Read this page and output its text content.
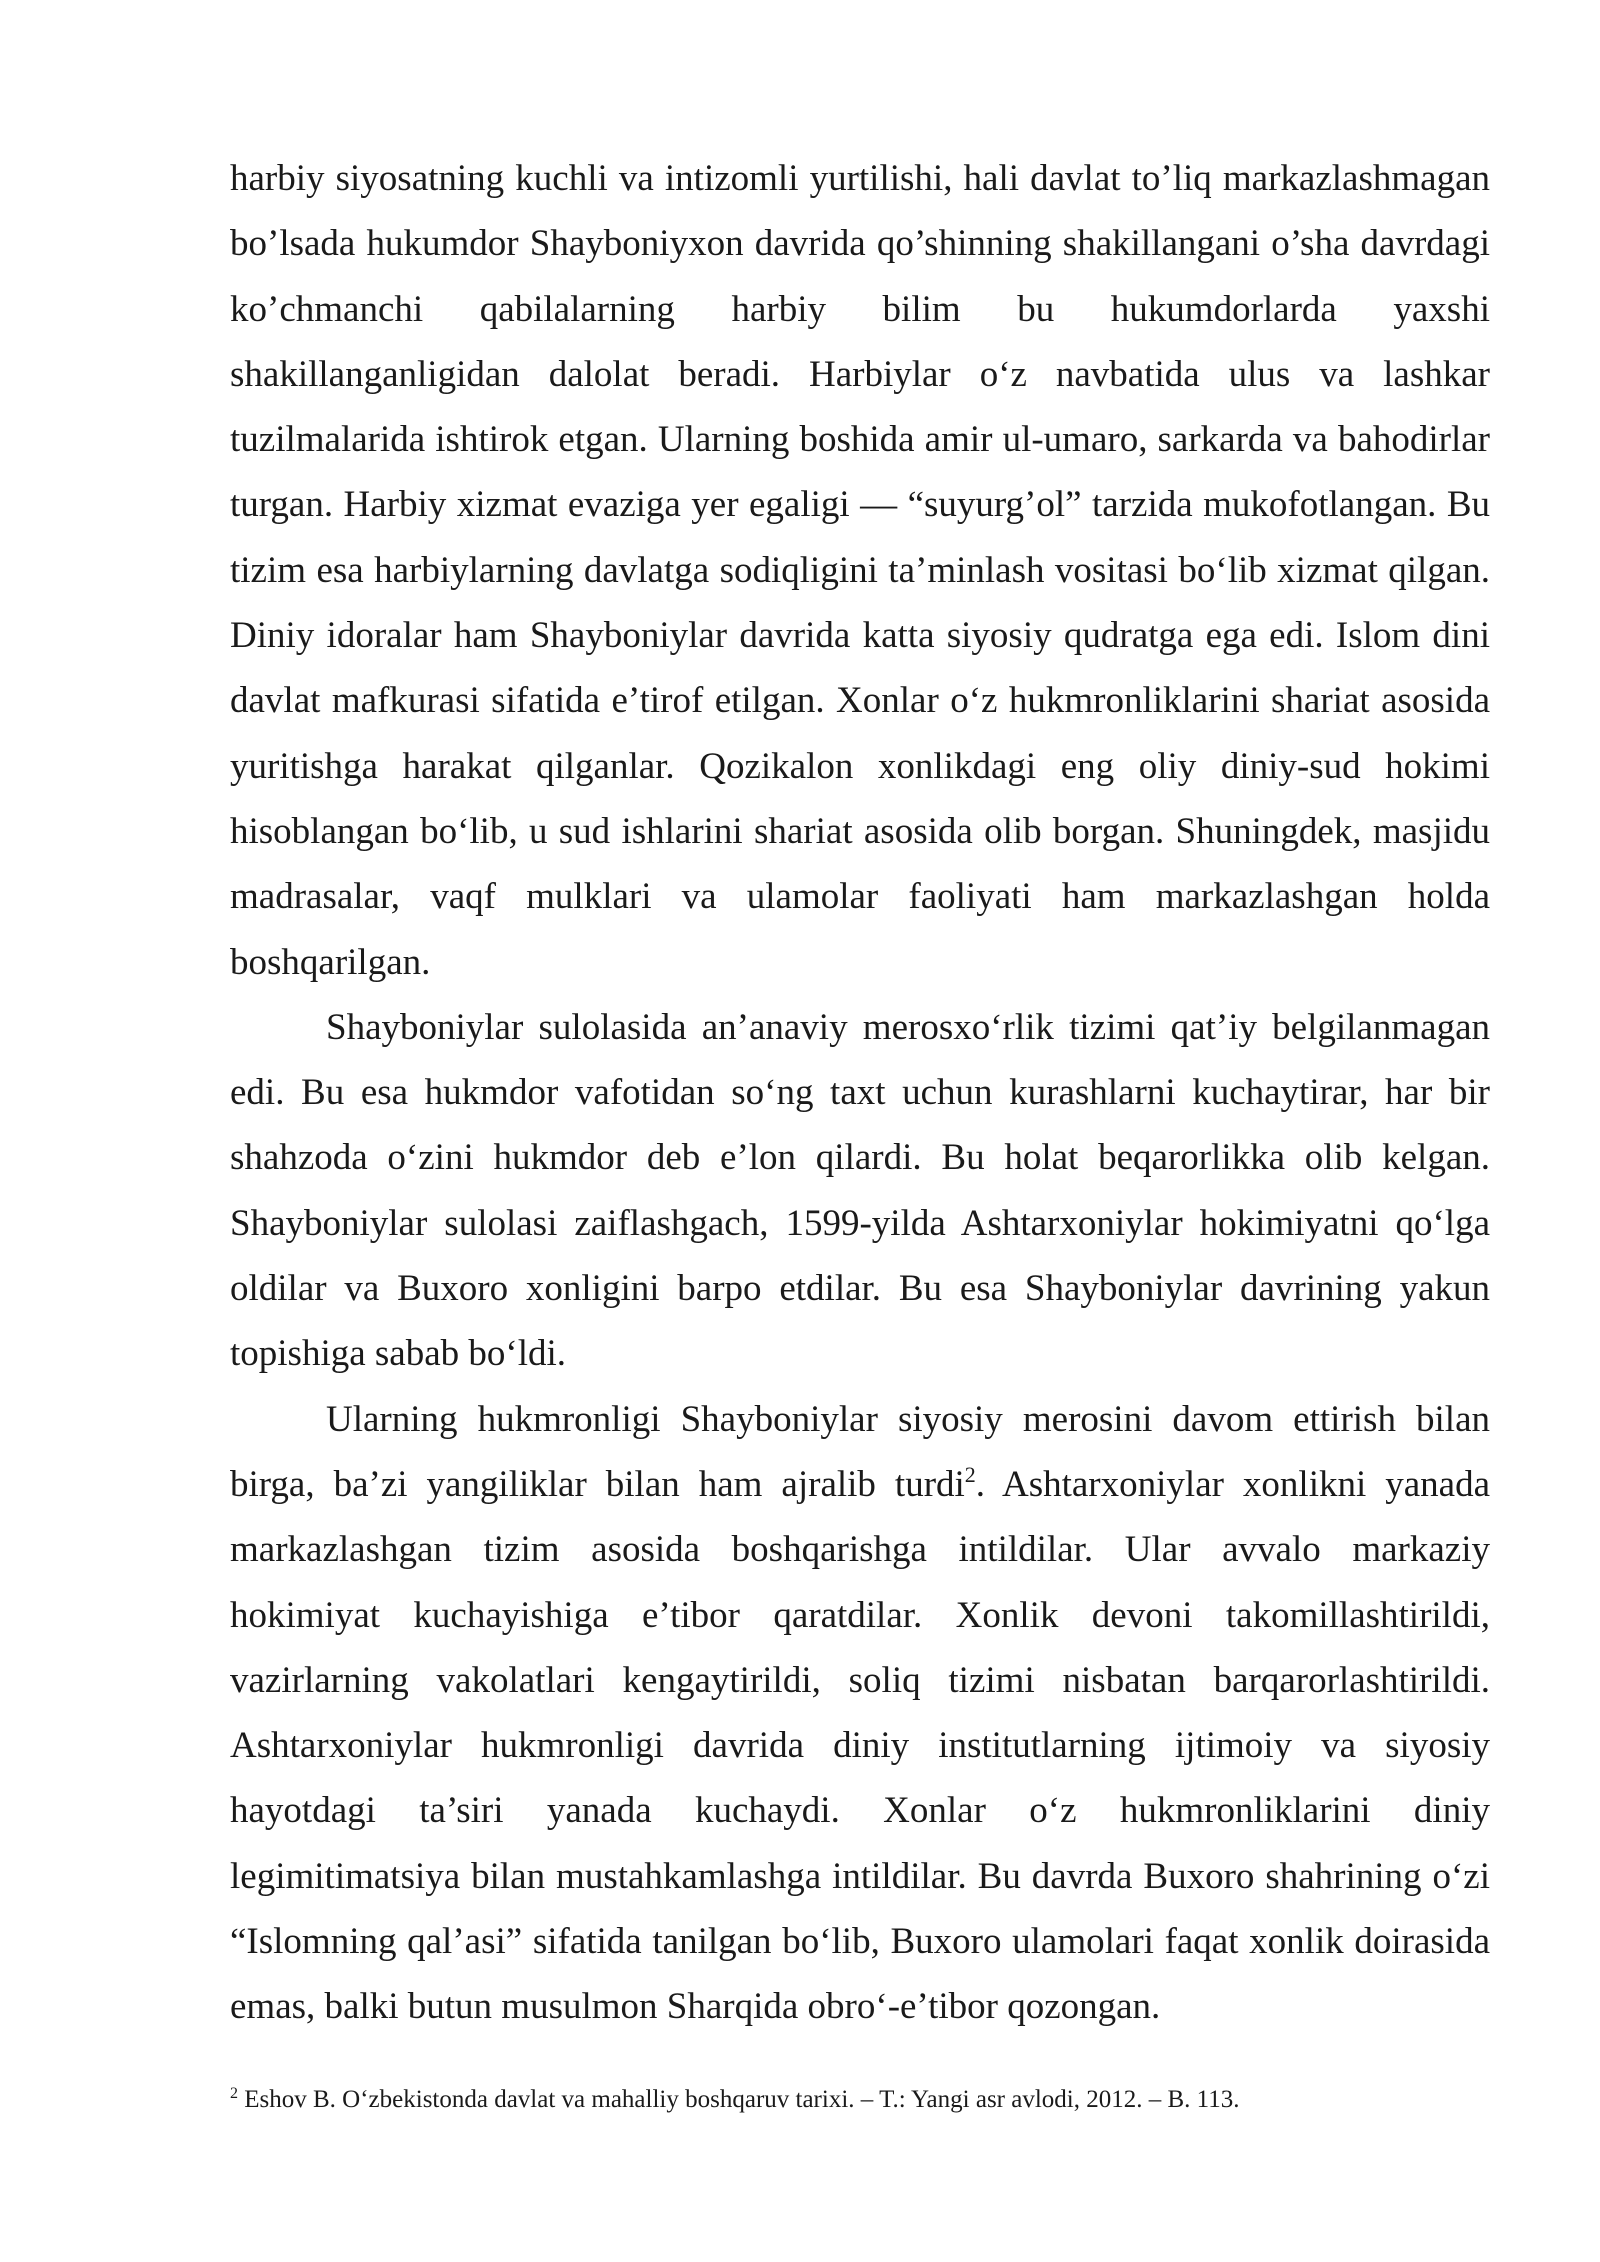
harbiy siyosatning kuchli va intizomli yurtilishi, hali davlat to’liq markazlashmagan bo’lsada hukumdor Shayboniyxon davrida qo’shinning shakillangani o’sha davrdagi ko’chmanchi qabilalarning harbiy bilim bu hukumdorlarda yaxshi shakillanganligidan dalolat beradi. Harbiylar o‘z navbatida ulus va lashkar tuzilmalarida ishtirok etgan. Ularning boshida amir ul-umaro, sarkarda va bahodirlar turgan. Harbiy xizmat evaziga yer egaligi — “suyurg’ol” tarzida mukofotlangan. Bu tizim esa harbiylarning davlatga sodiqligini ta’minlash vositasi bo‘lib xizmat qilgan. Diniy idoralar ham Shayboniylar davrida katta siyosiy qudratga ega edi. Islom dini davlat mafkurasi sifatida e’tirof etilgan. Xonlar o‘z hukmronliklarini shariat asosida yuritishga harakat qilganlar. Qozikalon xonlikdagi eng oliy diniy-sud hokimi hisoblangan bo‘lib, u sud ishlarini shariat asosida olib borgan. Shuningdek, masjidu madrasalar, vaqf mulklari va ulamolar faoliyati ham markazlashgan holda boshqarilgan.

Shayboniylar sulolasida an’anaviy merosxo‘rlik tizimi qat’iy belgilanmagan edi. Bu esa hukmdor vafotidan so‘ng taxt uchun kurashlarni kuchaytirar, har bir shahzoda o‘zini hukmdor deb e’lon qilardi. Bu holat beqarorlikka olib kelgan. Shayboniylar sulolasi zaiflashgach, 1599-yilda Ashtarxoniylar hokimiyatni qo‘lga oldilar va Buxoro xonligini barpo etdilar. Bu esa Shayboniylar davrining yakun topishiga sabab bo‘ldi.

Ularning hukmronligi Shayboniylar siyosiy merosini davom ettirish bilan birga, ba’zi yangiliklar bilan ham ajralib turdi$^2$. Ashtarxoniylar xonlikni yanada markazlashgan tizim asosida boshqarishga intildilar. Ular avvalo markaziy hokimiyat kuchayishiga e’tibor qaratdilar. Xonlik devoni takomillashtirildi, vazirlarning vakolatlari kengaytirildi, soliq tizimi nisbatan barqarorlashtirildi. Ashtarxoniylar hukmronligi davrida diniy institutlarning ijtimoiy va siyosiy hayotdagi ta’siri yanada kuchaydi. Xonlar o‘z hukmronliklarini diniy legimitimatsiya bilan mustahkamlashga intildilar. Bu davrda Buxoro shahrining o‘zi “Islomning qal’asi” sifatida tanilgan bo‘lib, Buxoro ulamolari faqat xonlik doirasida emas, balki butun musulmon Sharqida obro‘-e’tibor qozongan.

$^2$ Eshov B. O‘zbekistonda davlat va mahalliy boshqaruv tarixi. – T.: Yangi asr avlodi, 2012. – B. 113.
